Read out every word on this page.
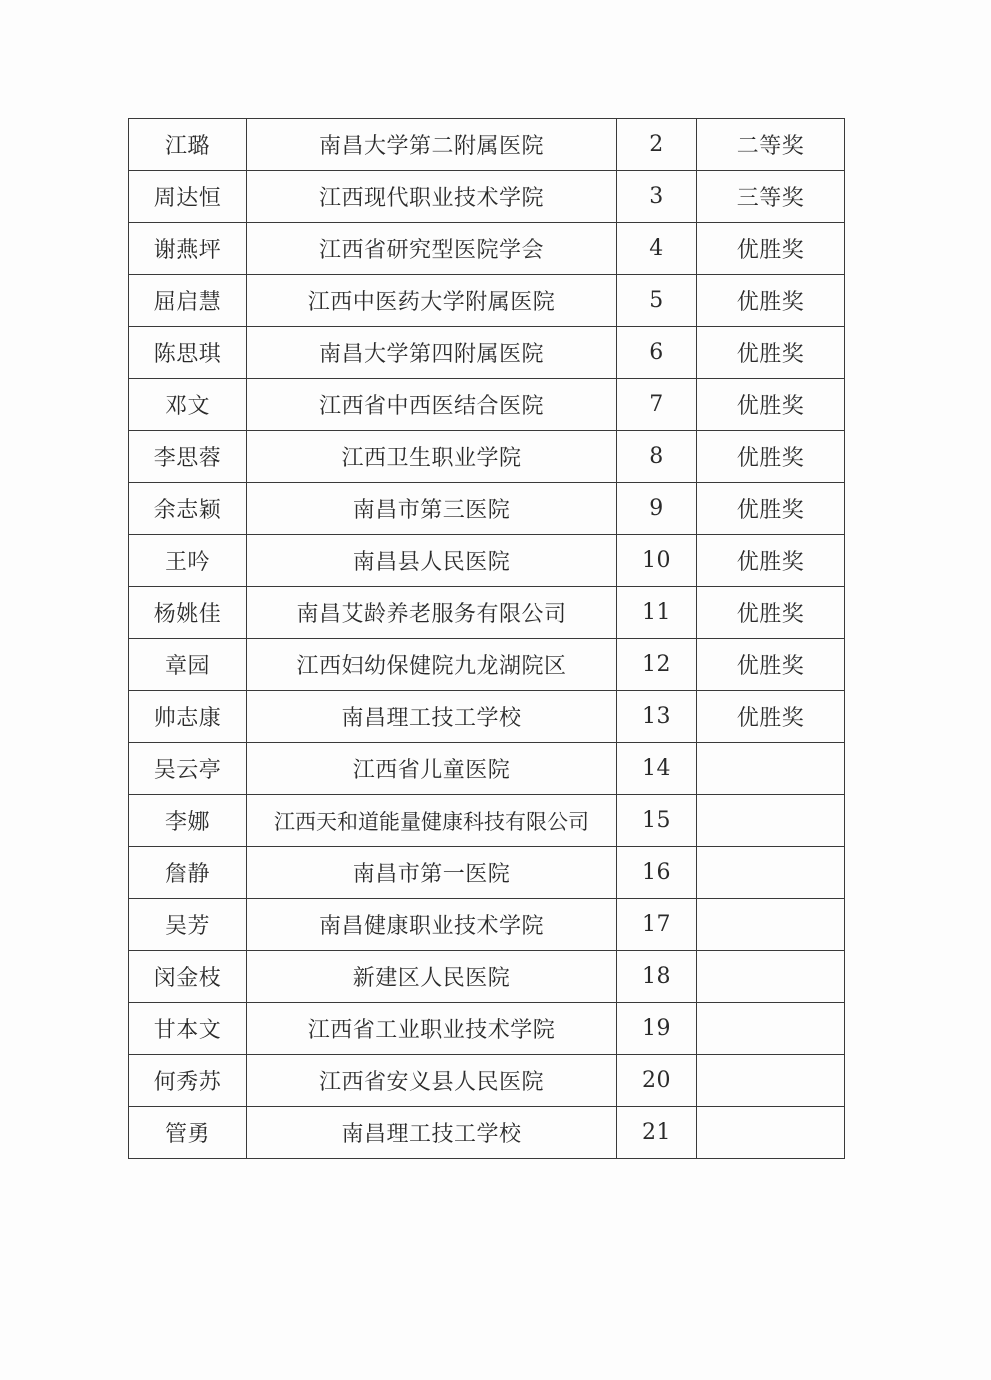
江璐	南昌大学第二附属医院	2	二等奖
周达恒	江西现代职业技术学院	3	三等奖
谢燕坪	江西省研究型医院学会	4	优胜奖
屈启慧	江西中医药大学附属医院	5	优胜奖
陈思琪	南昌大学第四附属医院	6	优胜奖
邓文	江西省中西医结合医院	7	优胜奖
李思蓉	江西卫生职业学院	8	优胜奖
余志颖	南昌市第三医院	9	优胜奖
王吟	南昌县人民医院	10	优胜奖
杨姚佳	南昌艾龄养老服务有限公司	11	优胜奖
章园	江西妇幼保健院九龙湖院区	12	优胜奖
帅志康	南昌理工技工学校	13	优胜奖
吴云亭	江西省儿童医院	14	
李娜	江西天和道能量健康科技有限公司	15	
詹静	南昌市第一医院	16	
吴芳	南昌健康职业技术学院	17	
闵金枝	新建区人民医院	18	
甘本文	江西省工业职业技术学院	19	
何秀苏	江西省安义县人民医院	20	
管勇	南昌理工技工学校	21	
